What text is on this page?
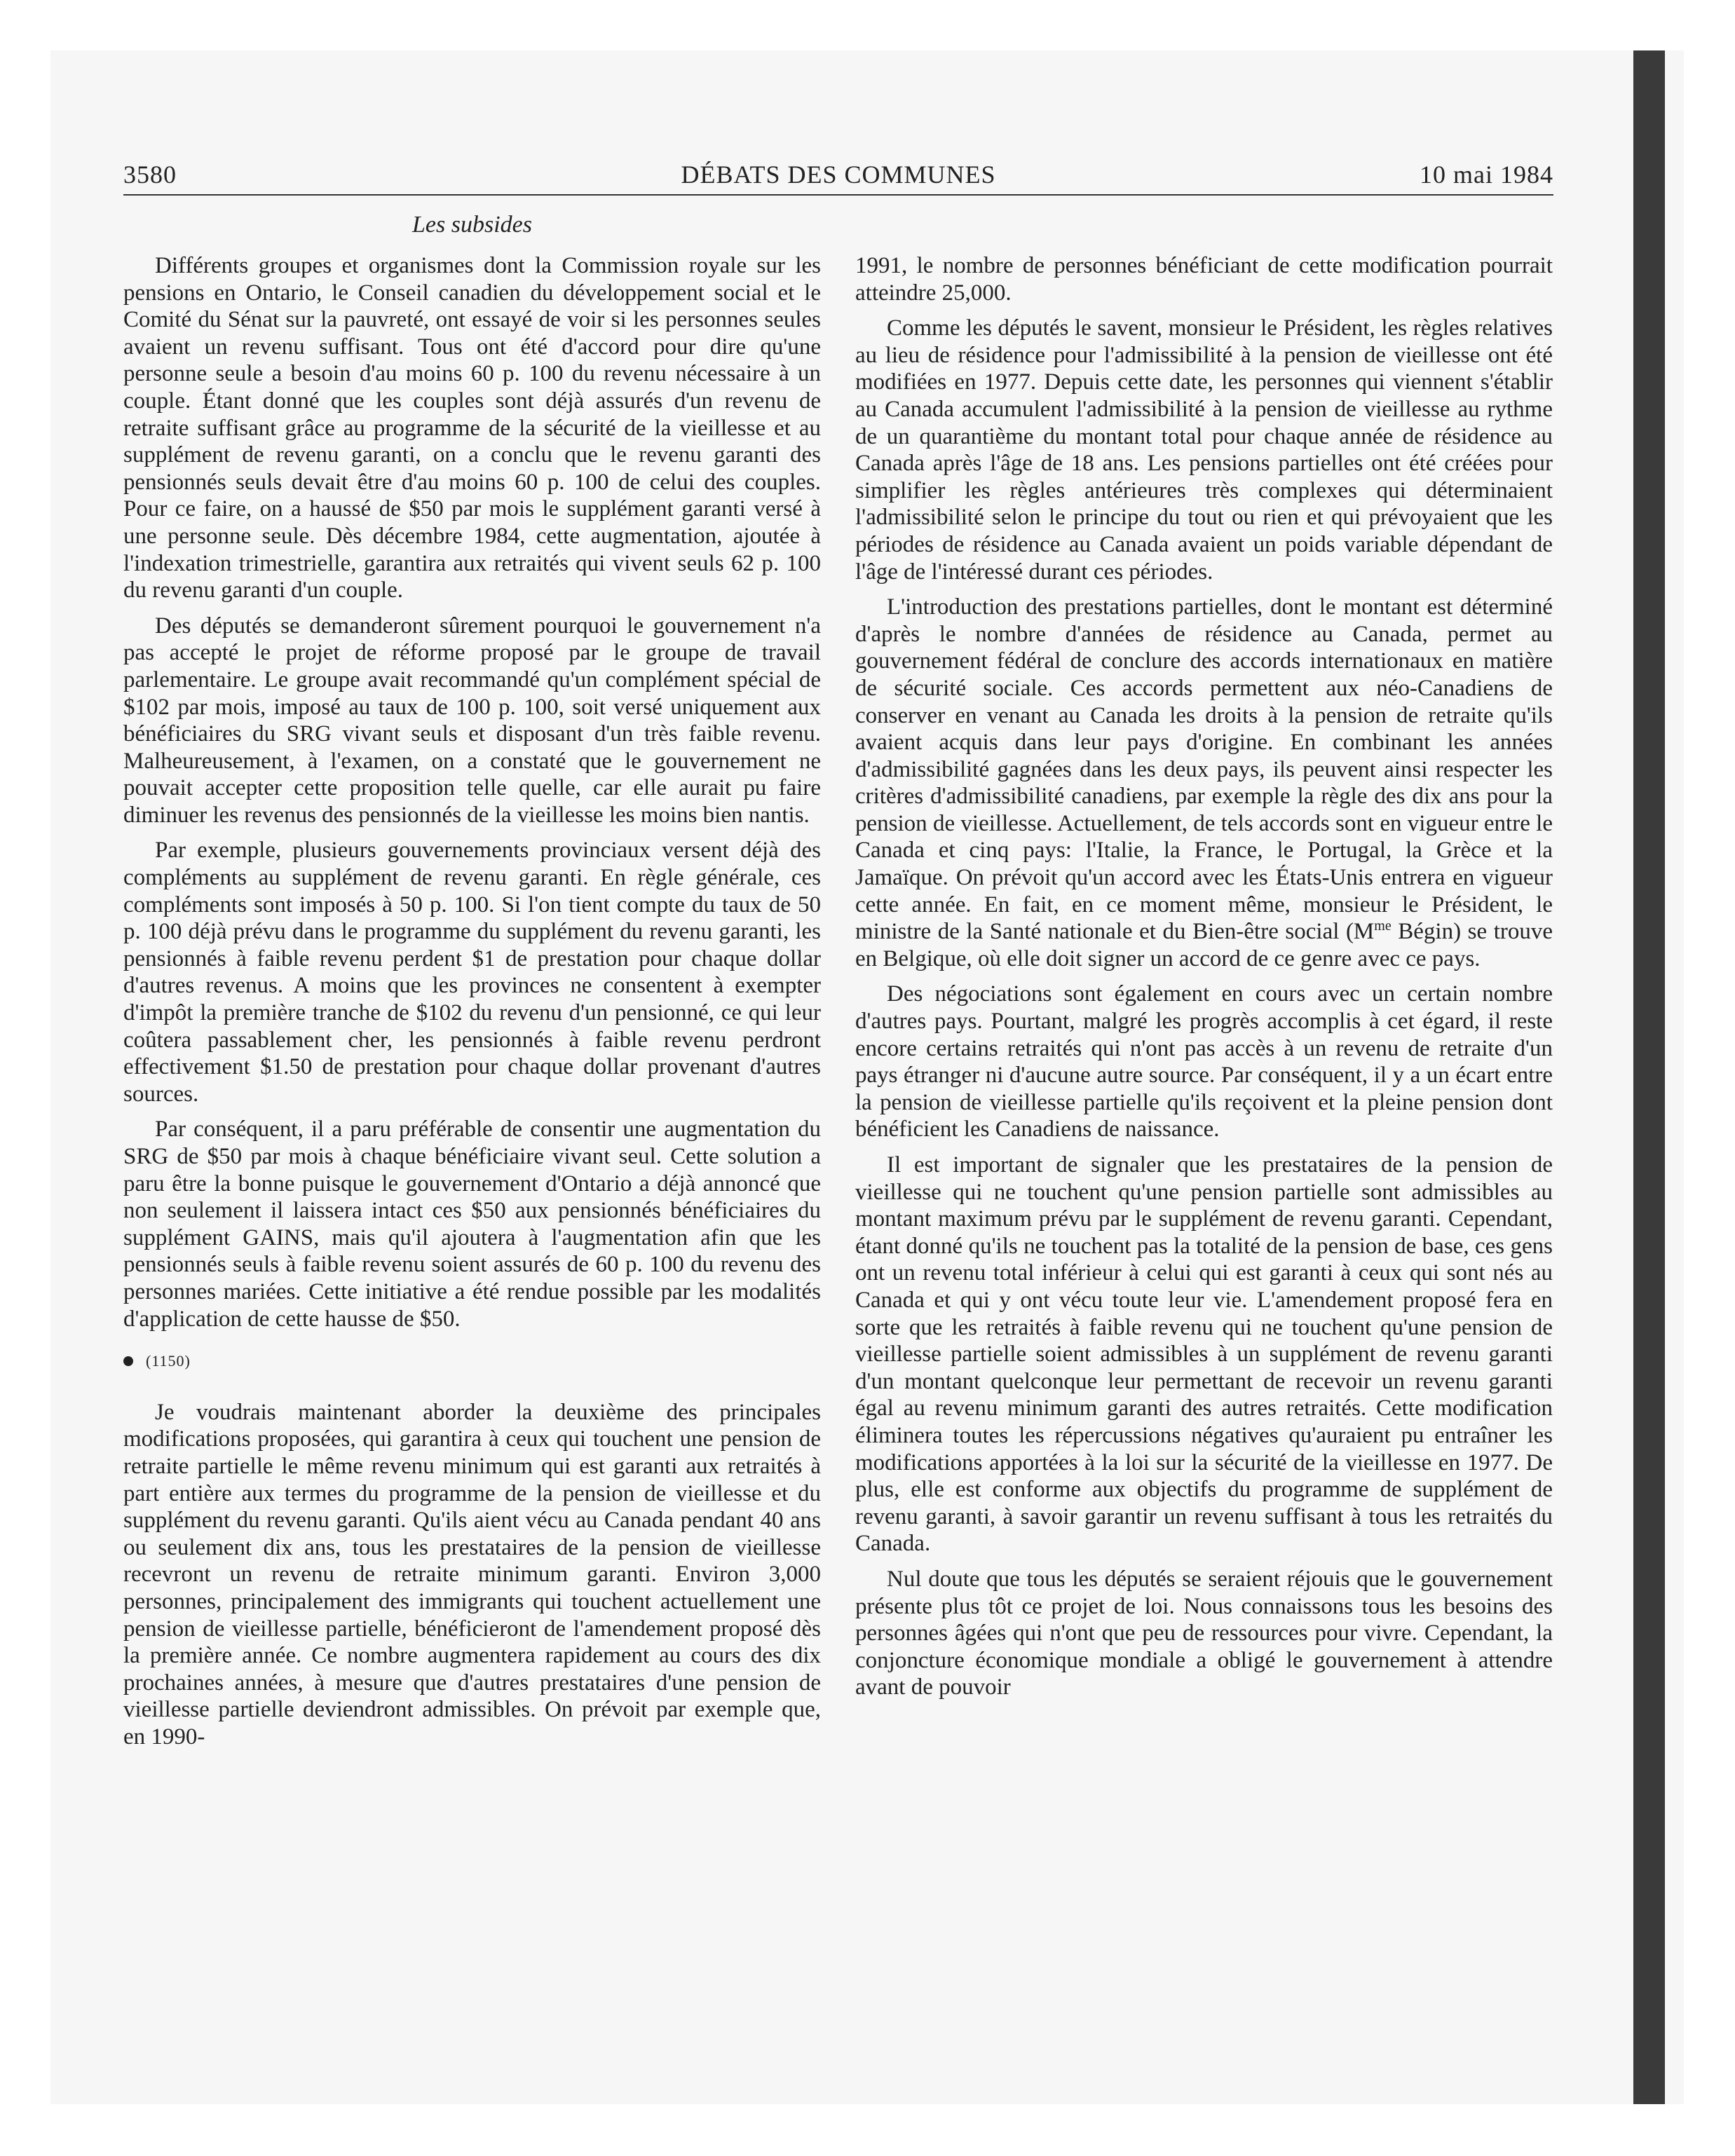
3580	DÉBATS DES COMMUNES	10 mai 1984
Les subsides

Différents groupes et organismes dont la Commission royale sur les pensions en Ontario, le Conseil canadien du développement social et le Comité du Sénat sur la pauvreté, ont essayé de voir si les personnes seules avaient un revenu suffisant. Tous ont été d'accord pour dire qu'une personne seule a besoin d'au moins 60 p. 100 du revenu nécessaire à un couple. Étant donné que les couples sont déjà assurés d'un revenu de retraite suffisant grâce au programme de la sécurité de la vieillesse et au supplément de revenu garanti, on a conclu que le revenu garanti des pensionnés seuls devait être d'au moins 60 p. 100 de celui des couples. Pour ce faire, on a haussé de $50 par mois le supplément garanti versé à une personne seule. Dès décembre 1984, cette augmentation, ajoutée à l'indexation trimestrielle, garantira aux retraités qui vivent seuls 62 p. 100 du revenu garanti d'un couple.

Des députés se demanderont sûrement pourquoi le gouvernement n'a pas accepté le projet de réforme proposé par le groupe de travail parlementaire. Le groupe avait recommandé qu'un complément spécial de $102 par mois, imposé au taux de 100 p. 100, soit versé uniquement aux bénéficiaires du SRG vivant seuls et disposant d'un très faible revenu. Malheureusement, à l'examen, on a constaté que le gouvernement ne pouvait accepter cette proposition telle quelle, car elle aurait pu faire diminuer les revenus des pensionnés de la vieillesse les moins bien nantis.

Par exemple, plusieurs gouvernements provinciaux versent déjà des compléments au supplément de revenu garanti. En règle générale, ces compléments sont imposés à 50 p. 100. Si l'on tient compte du taux de 50 p. 100 déjà prévu dans le programme du supplément du revenu garanti, les pensionnés à faible revenu perdent $1 de prestation pour chaque dollar d'autres revenus. A moins que les provinces ne consentent à exempter d'impôt la première tranche de $102 du revenu d'un pensionné, ce qui leur coûtera passablement cher, les pensionnés à faible revenu perdront effectivement $1.50 de prestation pour chaque dollar provenant d'autres sources.

Par conséquent, il a paru préférable de consentir une augmentation du SRG de $50 par mois à chaque bénéficiaire vivant seul. Cette solution a paru être la bonne puisque le gouvernement d'Ontario a déjà annoncé que non seulement il laissera intact ces $50 aux pensionnés bénéficiaires du supplément GAINS, mais qu'il ajoutera à l'augmentation afin que les pensionnés seuls à faible revenu soient assurés de 60 p. 100 du revenu des personnes mariées. Cette initiative a été rendue possible par les modalités d'application de cette hausse de $50.

(1150)

Je voudrais maintenant aborder la deuxième des principales modifications proposées, qui garantira à ceux qui touchent une pension de retraite partielle le même revenu minimum qui est garanti aux retraités à part entière aux termes du programme de la pension de vieillesse et du supplément du revenu garanti. Qu'ils aient vécu au Canada pendant 40 ans ou seulement dix ans, tous les prestataires de la pension de vieillesse recevront un revenu de retraite minimum garanti. Environ 3,000 personnes, principalement des immigrants qui touchent actuellement une pension de vieillesse partielle, bénéficieront de l'amendement proposé dès la première année. Ce nombre augmentera rapidement au cours des dix prochaines années, à mesure que d'autres prestataires d'une pension de vieillesse partielle deviendront admissibles. On prévoit par exemple que, en 1990-

1991, le nombre de personnes bénéficiant de cette modification pourrait atteindre 25,000.

Comme les députés le savent, monsieur le Président, les règles relatives au lieu de résidence pour l'admissibilité à la pension de vieillesse ont été modifiées en 1977. Depuis cette date, les personnes qui viennent s'établir au Canada accumulent l'admissibilité à la pension de vieillesse au rythme de un quarantième du montant total pour chaque année de résidence au Canada après l'âge de 18 ans. Les pensions partielles ont été créées pour simplifier les règles antérieures très complexes qui déterminaient l'admissibilité selon le principe du tout ou rien et qui prévoyaient que les périodes de résidence au Canada avaient un poids variable dépendant de l'âge de l'intéressé durant ces périodes.

L'introduction des prestations partielles, dont le montant est déterminé d'après le nombre d'années de résidence au Canada, permet au gouvernement fédéral de conclure des accords internationaux en matière de sécurité sociale. Ces accords permettent aux néo-Canadiens de conserver en venant au Canada les droits à la pension de retraite qu'ils avaient acquis dans leur pays d'origine. En combinant les années d'admissibilité gagnées dans les deux pays, ils peuvent ainsi respecter les critères d'admissibilité canadiens, par exemple la règle des dix ans pour la pension de vieillesse. Actuellement, de tels accords sont en vigueur entre le Canada et cinq pays: l'Italie, la France, le Portugal, la Grèce et la Jamaïque. On prévoit qu'un accord avec les États-Unis entrera en vigueur cette année. En fait, en ce moment même, monsieur le Président, le ministre de la Santé nationale et du Bien-être social ($M^{me}$ Bégin) se trouve en Belgique, où elle doit signer un accord de ce genre avec ce pays.

Des négociations sont également en cours avec un certain nombre d'autres pays. Pourtant, malgré les progrès accomplis à cet égard, il reste encore certains retraités qui n'ont pas accès à un revenu de retraite d'un pays étranger ni d'aucune autre source. Par conséquent, il y a un écart entre la pension de vieillesse partielle qu'ils reçoivent et la pleine pension dont bénéficient les Canadiens de naissance.

Il est important de signaler que les prestataires de la pension de vieillesse qui ne touchent qu'une pension partielle sont admissibles au montant maximum prévu par le supplément de revenu garanti. Cependant, étant donné qu'ils ne touchent pas la totalité de la pension de base, ces gens ont un revenu total inférieur à celui qui est garanti à ceux qui sont nés au Canada et qui y ont vécu toute leur vie. L'amendement proposé fera en sorte que les retraités à faible revenu qui ne touchent qu'une pension de vieillesse partielle soient admissibles à un supplément de revenu garanti d'un montant quelconque leur permettant de recevoir un revenu garanti égal au revenu minimum garanti des autres retraités. Cette modification éliminera toutes les répercussions négatives qu'auraient pu entraîner les modifications apportées à la loi sur la sécurité de la vieillesse en 1977. De plus, elle est conforme aux objectifs du programme de supplément de revenu garanti, à savoir garantir un revenu suffisant à tous les retraités du Canada.

Nul doute que tous les députés se seraient réjouis que le gouvernement présente plus tôt ce projet de loi. Nous connaissons tous les besoins des personnes âgées qui n'ont que peu de ressources pour vivre. Cependant, la conjoncture économique mondiale a obligé le gouvernement à attendre avant de pouvoir
